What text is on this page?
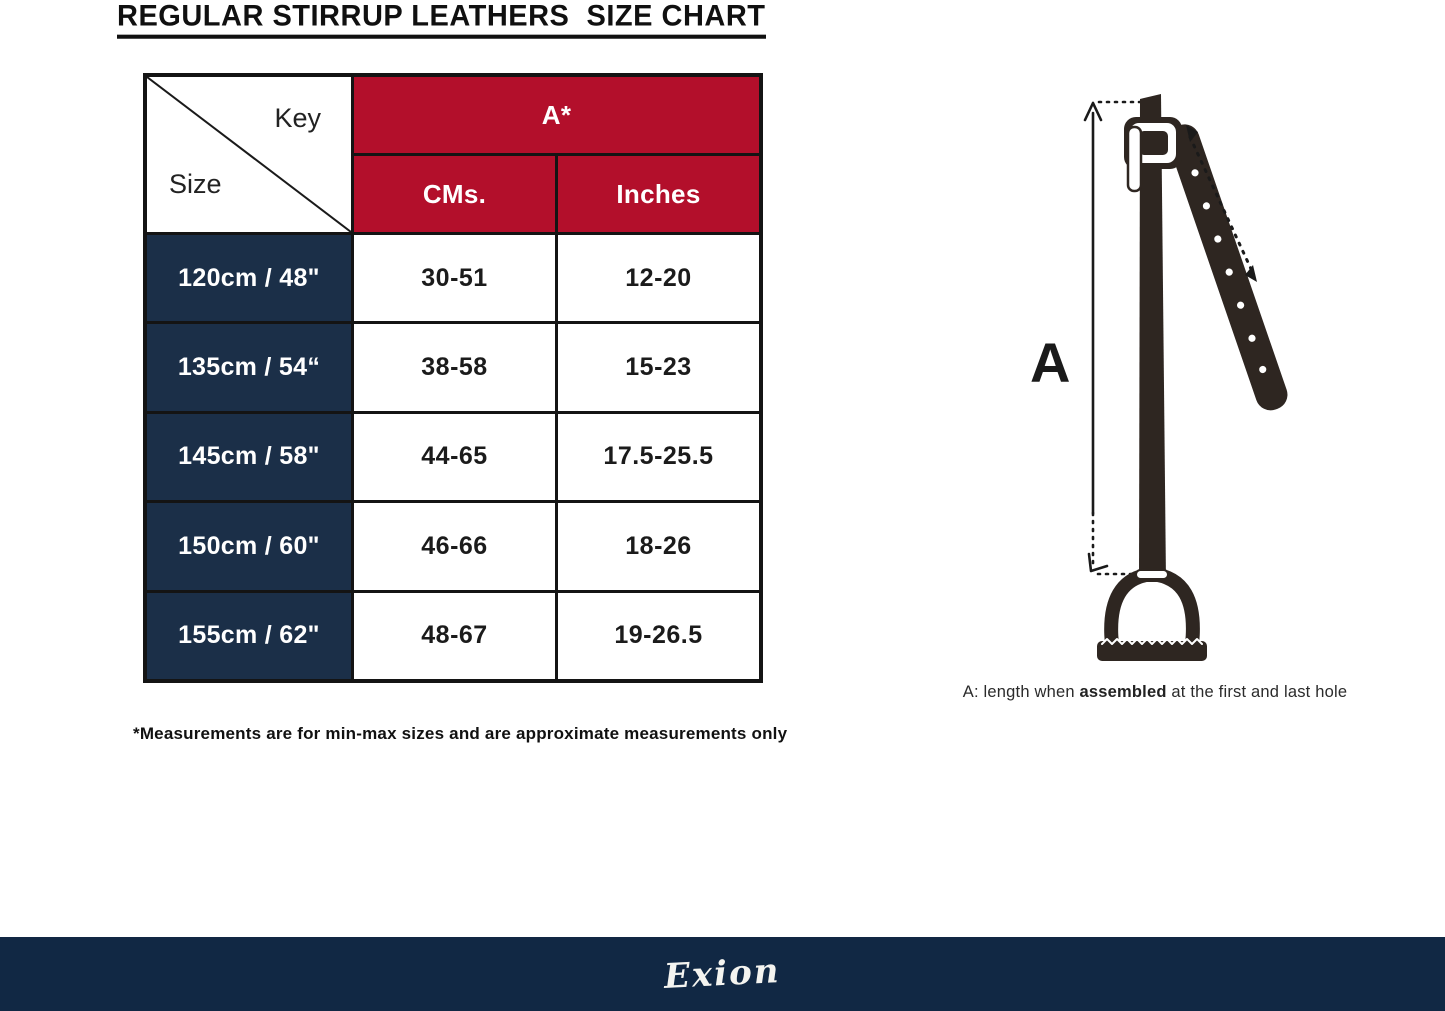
REGULAR STIRRUP LEATHERS  SIZE CHART
Key
Size
A*
CMs.	Inches
120cm / 48"	30-51	12-20
135cm / 54“	38-58	15-23
145cm / 58"	44-65	17.5-25.5
150cm / 60"	46-66	18-26
155cm / 62"	48-67	19-26.5
*Measurements are for min-max sizes and are approximate measurements only
A
A: length when assembled at the first and last hole
Exion
